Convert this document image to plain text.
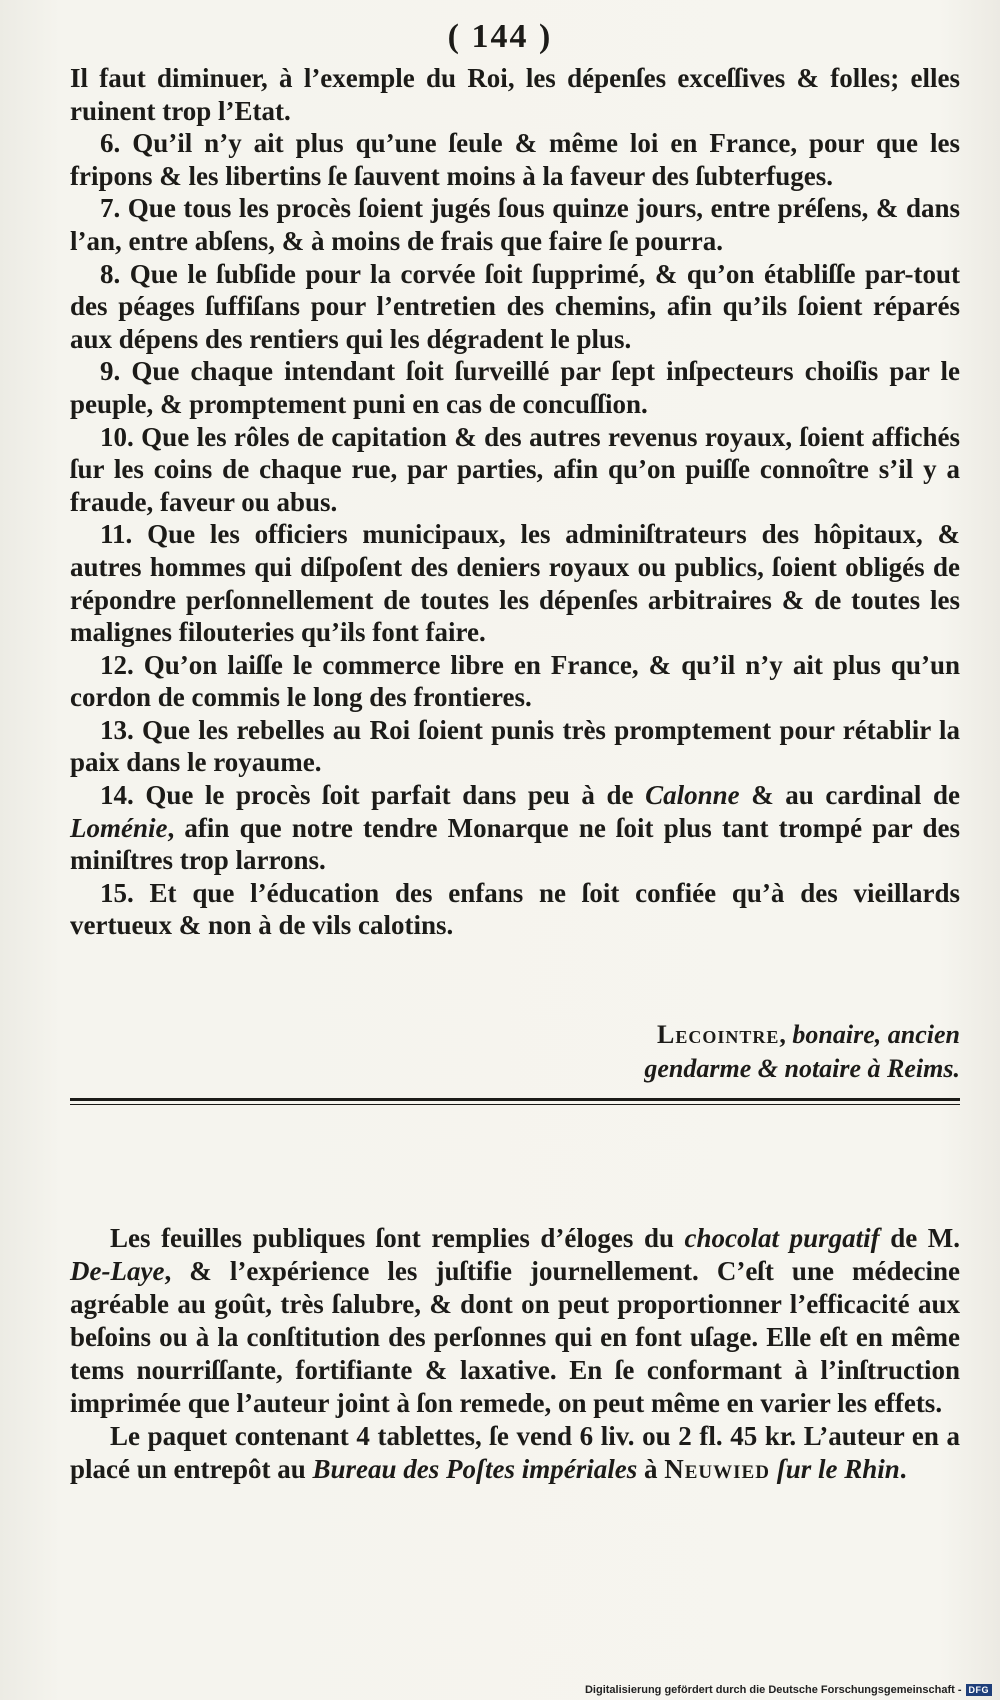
( 144 )

Il faut diminuer, à l’exemple du Roi, les dépenſes exceſſives & folles; elles ruinent trop l’Etat.

6. Qu’il n’y ait plus qu’une ſeule & même loi en France, pour que les fripons & les libertins ſe ſauvent moins à la faveur des ſubterfuges.

7. Que tous les procès ſoient jugés ſous quinze jours, entre préſens, & dans l’an, entre abſens, & à moins de frais que faire ſe pourra.

8. Que le ſubſide pour la corvée ſoit ſupprimé, & qu’on établiſſe par-tout des péages ſuffiſans pour l’entretien des chemins, afin qu’ils ſoient réparés aux dépens des rentiers qui les dégradent le plus.

9. Que chaque intendant ſoit ſurveillé par ſept inſpecteurs choiſis par le peuple, & promptement puni en cas de concuſſion.

10. Que les rôles de capitation & des autres revenus royaux, ſoient affichés ſur les coins de chaque rue, par parties, afin qu’on puiſſe connoître s’il y a fraude, faveur ou abus.

11. Que les officiers municipaux, les adminiſtrateurs des hôpitaux, & autres hommes qui diſpoſent des deniers royaux ou publics, ſoient obligés de répondre perſonnellement de toutes les dépenſes arbitraires & de toutes les malignes filouteries qu’ils font faire.

12. Qu’on laiſſe le commerce libre en France, & qu’il n’y ait plus qu’un cordon de commis le long des frontieres.

13. Que les rebelles au Roi ſoient punis très promptement pour rétablir la paix dans le royaume.

14. Que le procès ſoit parfait dans peu à de Calonne & au cardinal de Loménie, afin que notre tendre Monarque ne ſoit plus tant trompé par des miniſtres trop larrons.

15. Et que l’éducation des enfans ne ſoit confiée qu’à des vieillards vertueux & non à de vils calotins.

Lecointre, bonaire, ancien
gendarme & notaire à Reims.

Les feuilles publiques ſont remplies d’éloges du chocolat purgatif de M. De-Laye, & l’expérience les juſtifie journellement. C’eſt une médecine agréable au goût, très ſalubre, & dont on peut proportionner l’efficacité aux beſoins ou à la conſtitution des perſonnes qui en font uſage. Elle eſt en même tems nourriſſante, fortifiante & laxative. En ſe conformant à l’inſtruction imprimée que l’auteur joint à ſon remede, on peut même en varier les effets.

Le paquet contenant 4 tablettes, ſe vend 6 liv. ou 2 fl. 45 kr. L’auteur en a placé un entrepôt au Bureau des Poſtes impériales à Neuwied ſur le Rhin.

Digitalisierung gefördert durch die Deutsche Forschungsgemeinschaft - DFG
